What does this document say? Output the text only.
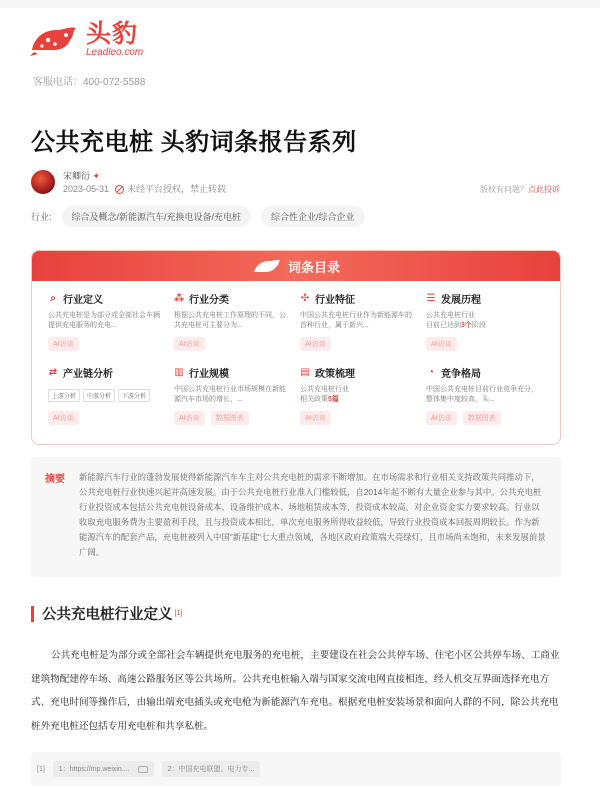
头豹
Leadleo.com
客服电话：400-072-5588
公共充电桩 头豹词条报告系列
宋卿衍 ✦
2023-05-31 未经平台授权，禁止转载	版权有问题？点此投诉
行业:	综合及概念/新能源汽车/充换电设备/充电桩	综合性企业/综合企业
词条目录
⌕ 行业定义
公共充电桩是为部分或全部社会车辆提供充电服务的充电...
AI访谈
⁂ 行业分类
根据公共充电桩工作原理的不同，公共充电桩可主要分为...
AI访谈
✣ 行业特征
中国公共充电桩行业作为新能源车的首种行业，属于新兴...
AI访谈
☰ 发展历程
公共充电桩行业
目前已达到3个阶段
AI访谈
⇄ 产业链分析
上游分析	中游分析	下游分析
AI访谈
▥ 行业规模
中国公共充电桩行业市场规模在新能源汽车市场的增长，...
AI访谈	数据图表
▤ 政策梳理
公共充电桩行业
相关政策5篇
AI访谈
◔ 竞争格局
中国公共充电桩目前行业竞争充分，整体集中度较高，头...
AI访谈	数据图表
摘要	新能源汽车行业的蓬勃发展使得新能源汽车车主对公共充电桩的需求不断增加。在市场需求和行业相关支持政策共同推动下，公共充电桩行业快速兴起并高速发展。由于公共充电桩行业准入门槛较低，自2014年起不断有大量企业参与其中。公共充电桩行业投资成本包括公共充电桩设备成本、设备维护成本、场地租赁成本等，投资成本较高，对企业资金实力要求较高。行业以收取充电服务费为主要盈利手段，且与投资成本相比，单次充电服务所得收益较低，导致行业投资成本回报周期较长。作为新能源汽车的配套产品，充电桩被列入中国"新基建"七大重点领域，各地区政府政策端大亮绿灯，且市场尚未饱和，未来发展前景广阔。
公共充电桩行业定义 [1]
公共充电桩是为部分或全部社会车辆提供充电服务的充电桩，主要建设在社会公共停车场、住宅小区公共停车场、工商业建筑物配建停车场、高速公路服务区等公共场所。公共充电桩输入端与国家交流电网直接相连，经人机交互界面选择充电方式、充电时间等操作后，由输出端充电插头或充电枪为新能源汽车充电。根据充电桩安装场景和面向人群的不同，除公共充电桩外充电桩还包括专用充电桩和共享私桩。
[1] 1：https://mp.weixin....	2：中国充电联盟、电力专...
